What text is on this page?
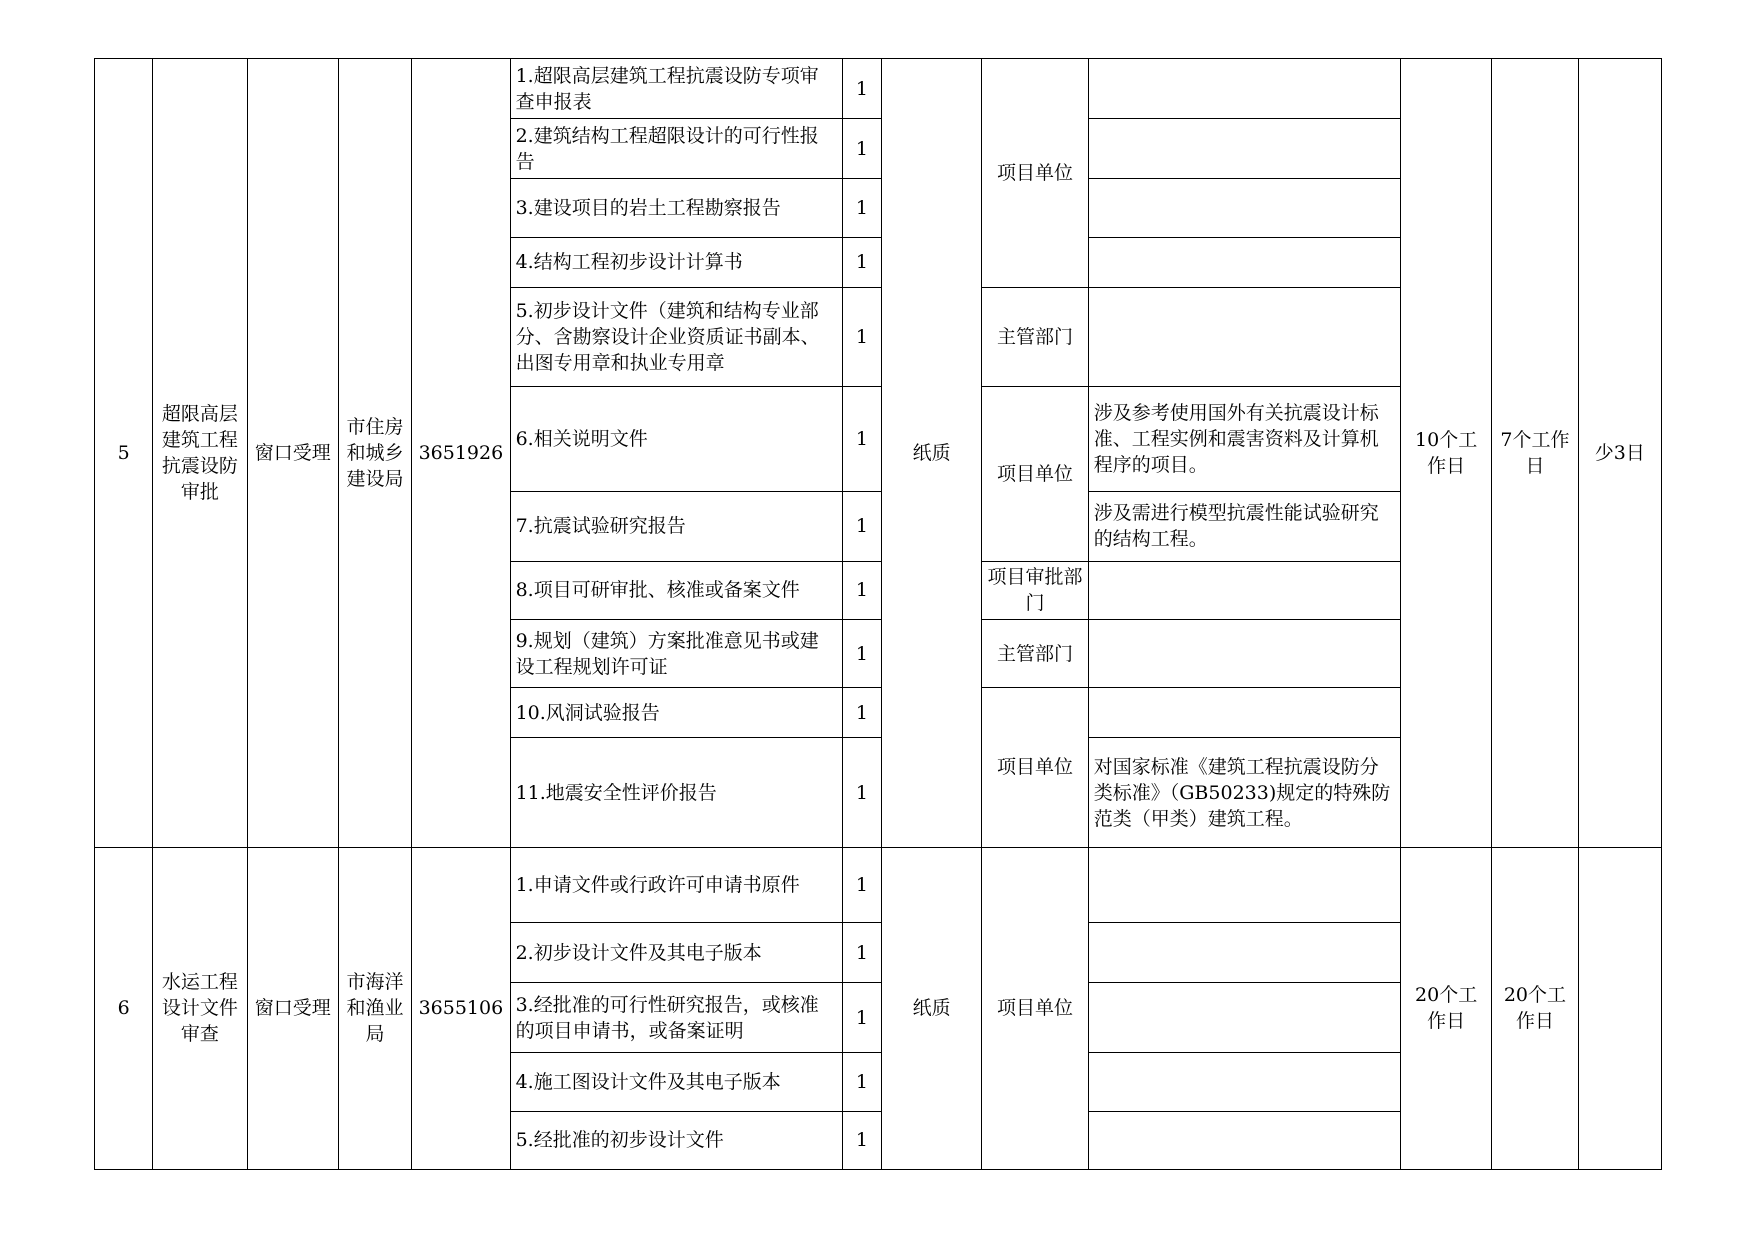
5	超限高层建筑工程抗震设防审批	窗口受理	市住房和城乡建设局	3651926	1.超限高层建筑工程抗震设防专项审查申报表	1	纸质	项目单位		10个工作日	7个工作日	少3日
					2.建筑结构工程超限设计的可行性报告	1						
					3.建设项目的岩土工程勘察报告	1						
					4.结构工程初步设计计算书	1						
					5.初步设计文件（建筑和结构专业部分、含勘察设计企业资质证书副本、出图专用章和执业专用章	1		主管部门				
					6.相关说明文件	1		项目单位	涉及参考使用国外有关抗震设计标准、工程实例和震害资料及计算机程序的项目。			
					7.抗震试验研究报告	1			涉及需进行模型抗震性能试验研究的结构工程。			
					8.项目可研审批、核准或备案文件	1		项目审批部门				
					9.规划（建筑）方案批准意见书或建设工程规划许可证	1		主管部门				
					10.风洞试验报告	1		项目单位				
					11.地震安全性评价报告	1			对国家标准《建筑工程抗震设防分类标准》（GB50233)规定的特殊防范类（甲类）建筑工程。			
6	水运工程设计文件审查	窗口受理	市海洋和渔业局	3655106	1.申请文件或行政许可申请书原件	1	纸质	项目单位		20个工作日	20个工作日	
					2.初步设计文件及其电子版本	1						
					3.经批准的可行性研究报告，或核准的项目申请书，或备案证明	1						
					4.施工图设计文件及其电子版本	1						
					5.经批准的初步设计文件	1						
